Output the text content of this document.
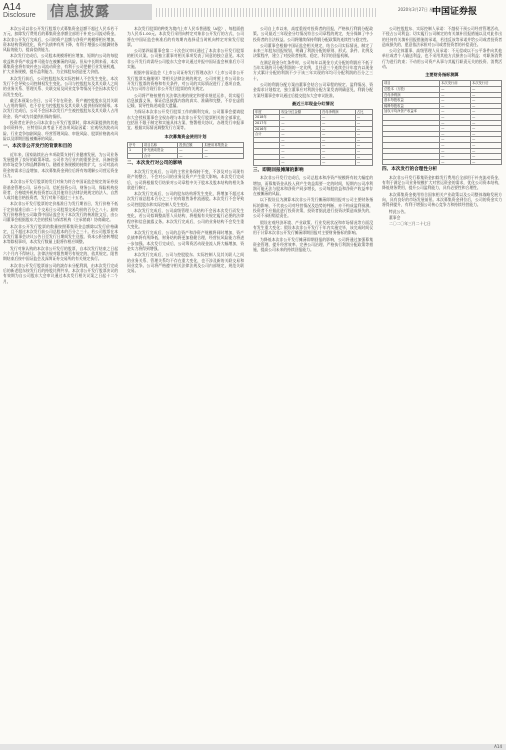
A14
Disclosure 信息披露	2020年3月27日 星期五
中国证券报
本次公司以非公开发行股票方式募集资金总额不超过人民币若干万元，扣除发行费用后的募集资金净额全部用于补充公司流动资金。本次非公开发行完成后，公司的资产总额与净资产规模将相应增加，资本结构得到优化，资产负债率有所下降，有利于增强公司抵御财务风险的能力，提高偿债能力。
本次发行完成后，公司股本规模将相应增加，短期内公司的每股收益和净资产收益率可能存在被摊薄的风险。但从中长期来看，本次募集资金将有效补充公司流动资金，有利于公司把握行业发展机遇，扩大业务规模，提升盈利能力，为全体股东创造更大价值。
本次发行前后，公司控股股东及实际控制人不会发生变化，本次发行不会导致公司控制权发生变化。公司与控股股东及其关联人之间的业务关系、管理关系、关联交易及同业竞争等情况不会因本次发行而发生变化。
截至本预案公告日，公司不存在资金、资产被控股股东及其关联人占用的情形，也不存在为控股股东及其关联人提供担保的情形。本次发行完成后，公司不会因本次发行产生被控股股东及其关联人占用资金、资产或为其提供担保的情形。
投资者在评价公司本次非公开发行股票时，除本预案提供的其他各项资料外，应特别认真考虑下述各项风险因素：宏观经济波动风险、行业竞争加剧风险、经营管理风险、审批风险、股票价格波动风险以及即期回报被摊薄的风险。
一、本次非公开发行的背景和目的
近年来，国家陆续出台多项政策支持行业健康发展，为公司业务发展提供了良好的政策环境。公司作为行业内的重要企业，具备较强的市场竞争力和品牌影响力。随着业务规模的持续扩大，公司对流动资金的需求日益增加，本次募集资金到位后将有效缓解公司营运资金压力。
本次非公开发行股票的发行对象为符合中国证监会规定的证券投资基金管理公司、证券公司、信托投资公司、财务公司、保险机构投资者、合格境外机构投资者以及其他符合法律法规规定的法人、自然人或其他合格投资者，发行对象不超过三十五名。
本次非公开发行股票的定价基准日为发行期首日，发行价格不低于定价基准日前二十个交易日公司股票交易均价的百分之八十。最终发行价格将在公司取得中国证监会关于本次发行的核准批文后，由公司董事会根据股东大会的授权与保荐机构（主承销商）协商确定。
本次非公开发行股票的数量按照募集资金总额除以发行价格确定，且不超过本次发行前公司总股本的百分之三十。若公司股票在本次发行董事会决议公告日至发行日期间发生送股、资本公积金转增股本等除权事项，本次发行数量上限将作相应调整。
发行对象认购的本次非公开发行的股票，自本次发行结束之日起六个月内不得转让。法律法规对限售期另有规定的，依其规定。限售期结束后按中国证监会及深圳证券交易所的有关规定执行。
本次非公开发行股票前公司的滚存未分配利润，由本次发行完成后的新老股东按发行后的持股比例共享。本次非公开发行股票决议的有效期为自公司股东大会审议通过本次发行相关议案之日起十二个月。
本次发行股票的种类为境内上市人民币普通股（A股），每股面值为人民币1.00元。本次发行采用向特定对象非公开发行的方式，公司将在中国证监会核准后的有效期内选择适当时机向特定对象发行股票。
公司第四届董事会第二十次会议审议通过了本次非公开发行股票的相关议案。公司独立董事对相关事项发表了同意的独立意见。本次非公开发行尚需经公司股东大会审议通过并报中国证监会核准后方可实施。
根据中国证监会《上市公司证券发行管理办法》《上市公司非公开发行股票实施细则》等相关法律法规的规定，公司对照上市公司非公开发行股票的资格和有关条件，对公司的实际情况进行了逐项自查，认为公司符合现行非公开发行股票的有关规定。
公司将严格按照有关法律法规的规定和要求规范运作，切实履行信息披露义务，保证信息披露内容的真实、准确和完整，不存在虚假记载、误导性陈述或重大遗漏。
为保证本次非公开发行股票工作的顺利完成，公司董事会提请股东大会授权董事会全权办理与本次非公开发行股票相关的全部事宜，包括但不限于制定和实施具体方案、签署相关协议、办理发行申报事宜、根据实际情况调整发行方案等。
本次募集资金使用计划
序号	项目名称	投资总额	拟使用募集资金
1	补充流动资金	—	—
	合计	—	—
二、本次发行对公司的影响
本次发行完成后，公司的主营业务保持不变，不涉及对公司现有资产的整合，不会对公司的业务及资产产生重大影响。本次发行完成后，公司将根据发行结果对公司章程中关于股本及股本结构的相关条款进行修订。
本次发行完成后，公司的股东结构将发生变化，将增加不超过本次发行前总股本百分之三十的有限售条件流通股。本次发行不会导致公司控股股东和实际控制人发生变化。
本次发行完成后，公司高级管理人员结构不会因本次发行而发生变化。若公司拟调整高管人员结构，将根据有关规定履行必要的法律程序和信息披露义务。本次发行完成后，公司的业务结构不会发生重大变化。
本次发行完成后，公司的总资产和净资产规模将同时增加，资产负债率将有所降低，财务结构将更加稳健合理，经营抗风险能力将进一步加强。本次发行完成后，公司筹资活动现金流入将大幅增加，资金实力将得到增强。
本次发行完成后，公司与控股股东、实际控制人及其关联人之间的业务关系、管理关系均不存在重大变化，也不涉及新的关联交易和同业竞争。公司将严格遵守相关法律法规及公司内部规定，规范关联交易。
公司自上市以来，高度重视对投资者的回报，严格执行利润分配政策。公司最近三年现金分红情况符合公司章程的规定，充分保障了中小投资者的合法权益。公司将继续保持利润分配政策的连续性与稳定性。
公司董事会根据中国证监会相关规定，结合公司实际情况，制定了未来三年股东回报规划，明确了利润分配的原则、形式、条件、比例及决策程序，建立了对投资者持续、稳定、科学的回报机制。
在满足现金分红条件时，公司每年以现金方式分配的利润应不低于当年实现的可分配利润的一定比例，且任意三个连续会计年度内以现金方式累计分配的利润不少于该三年实现的年均可分配利润的百分之三十。
公司的利润分配方案由董事会结合公司章程的规定、盈利情况、资金需求计划拟定，独立董事应对利润分配方案发表明确意见，利润分配方案经董事会审议通过后提交股东大会审议批准。
最近三年现金分红情况
年度	现金分红金额	归母净利润	占比
2018年	—	—	—
2017年	—	—	—
2016年	—	—	—
合计	—	—	—
	—	—	—
	—	—	—
	—	—	—
	—	—	—
	—	—	—
三、即期回报摊薄的影响
本次非公开发行完成后，公司总股本和净资产规模将有较大幅度的增加，而募集资金从投入到产生效益需要一定的时间，短期内公司净利润可能无法与股本和净资产同步增长，公司每股收益和净资产收益率存在被摊薄的风险。
以下假设仅为测算本次非公开发行摊薄即期回报对公司主要财务指标的影响，不代表公司对经营情况及趋势的判断，亦不构成盈利预测。投资者不应据此进行投资决策，投资者据此进行投资决策造成损失的，公司不承担赔偿责任。
假设宏观经济环境、产业政策、行业发展状况和市场情况等方面没有发生重大变化；假设本次非公开发行于年内实施完毕，该完成时间仅用于计算本次非公开发行摊薄即期回报对主要财务指标的影响。
为降低本次非公开发行摊薄即期回报的影响，公司将通过加强募集资金管理、提升经营效率、完善公司治理、严格执行利润分配政策等措施，提高公司未来的持续回报能力。
公司控股股东、实际控制人承诺：不越权干预公司经营管理活动，不侵占公司利益；切实履行公司制定的有关填补回报措施以及对此作出的任何有关填补回报措施的承诺，若违反该等承诺并给公司或者投资者造成损失的，愿意依法承担对公司或者投资者的补偿责任。
公司全体董事、高级管理人员承诺：不无偿或以不公平条件向其他单位或者个人输送利益，也不采用其他方式损害公司利益；对职务消费行为进行约束；不动用公司资产从事与其履行职责无关的投资、消费活动。
主要财务指标测算
项目	本次发行前	本次发行后
总股本（万股）	—	—
归母净利润	—	—
基本每股收益	—	—
稀释每股收益	—	—
加权平均净资产收益率	—	—
	—	—
	—	—
	—	—
	—	—
	—	—
	—	—
	—	—
	—	—
	—	—
四、本次发行的合理性分析
本次非公开发行募集资金扣除发行费用后全部用于补充流动资金，有利于满足公司业务规模扩大对营运资金的需求，优化公司资本结构，降低财务费用，提升公司盈利能力，具有必要性和合理性。
本次募集资金使用符合国家相关产业政策以及公司整体战略发展方向，具有良好的市场发展前景。本次募集资金到位后，公司的资金实力将得到提升，有利于增强公司核心竞争力和持续经营能力。
特此公告。
董事会
二〇二〇年三月二十七日
A14
